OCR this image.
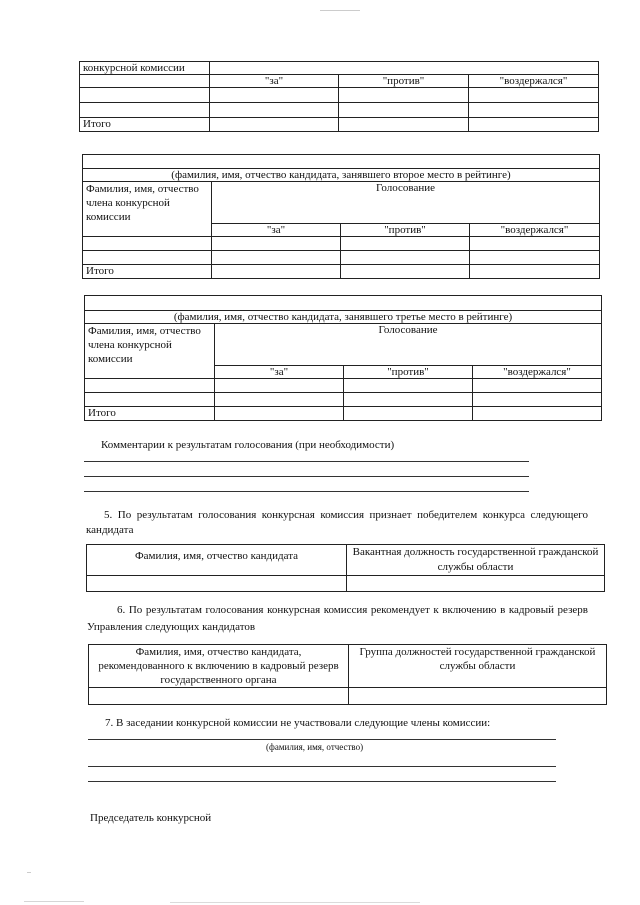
конкурсной комиссии			
	"за"	"против"	"воздержался"

Итого			

(фамилия, имя, отчество кандидата, занявшего второе место в рейтинге)			
Фамилия, имя, отчество члена конкурсной комиссии	Голосование		
	"за"	"против"	"воздержался"

Итого			

(фамилия, имя, отчество кандидата, занявшего третье место в рейтинге)			
Фамилия, имя, отчество члена конкурсной комиссии	Голосование		
	"за"	"против"	"воздержался"

Итого			
Комментарии к результатам голосования (при необходимости)
5. По результатам голосования конкурсная комиссия признает победителем конкурса следующего кандидата
Фамилия, имя, отчество кандидата	Вакантная должность государственной гражданской службы области

6. По результатам голосования конкурсная комиссия рекомендует к включению в кадровый резерв Управления следующих кандидатов
Фамилия, имя, отчество кандидата, рекомендованного к включению в кадровый резерв государственного органа	Группа должностей государственной гражданской службы области

7. В заседании конкурсной комиссии не участвовали следующие члены комиссии:
(фамилия, имя, отчество)
Председатель конкурсной
